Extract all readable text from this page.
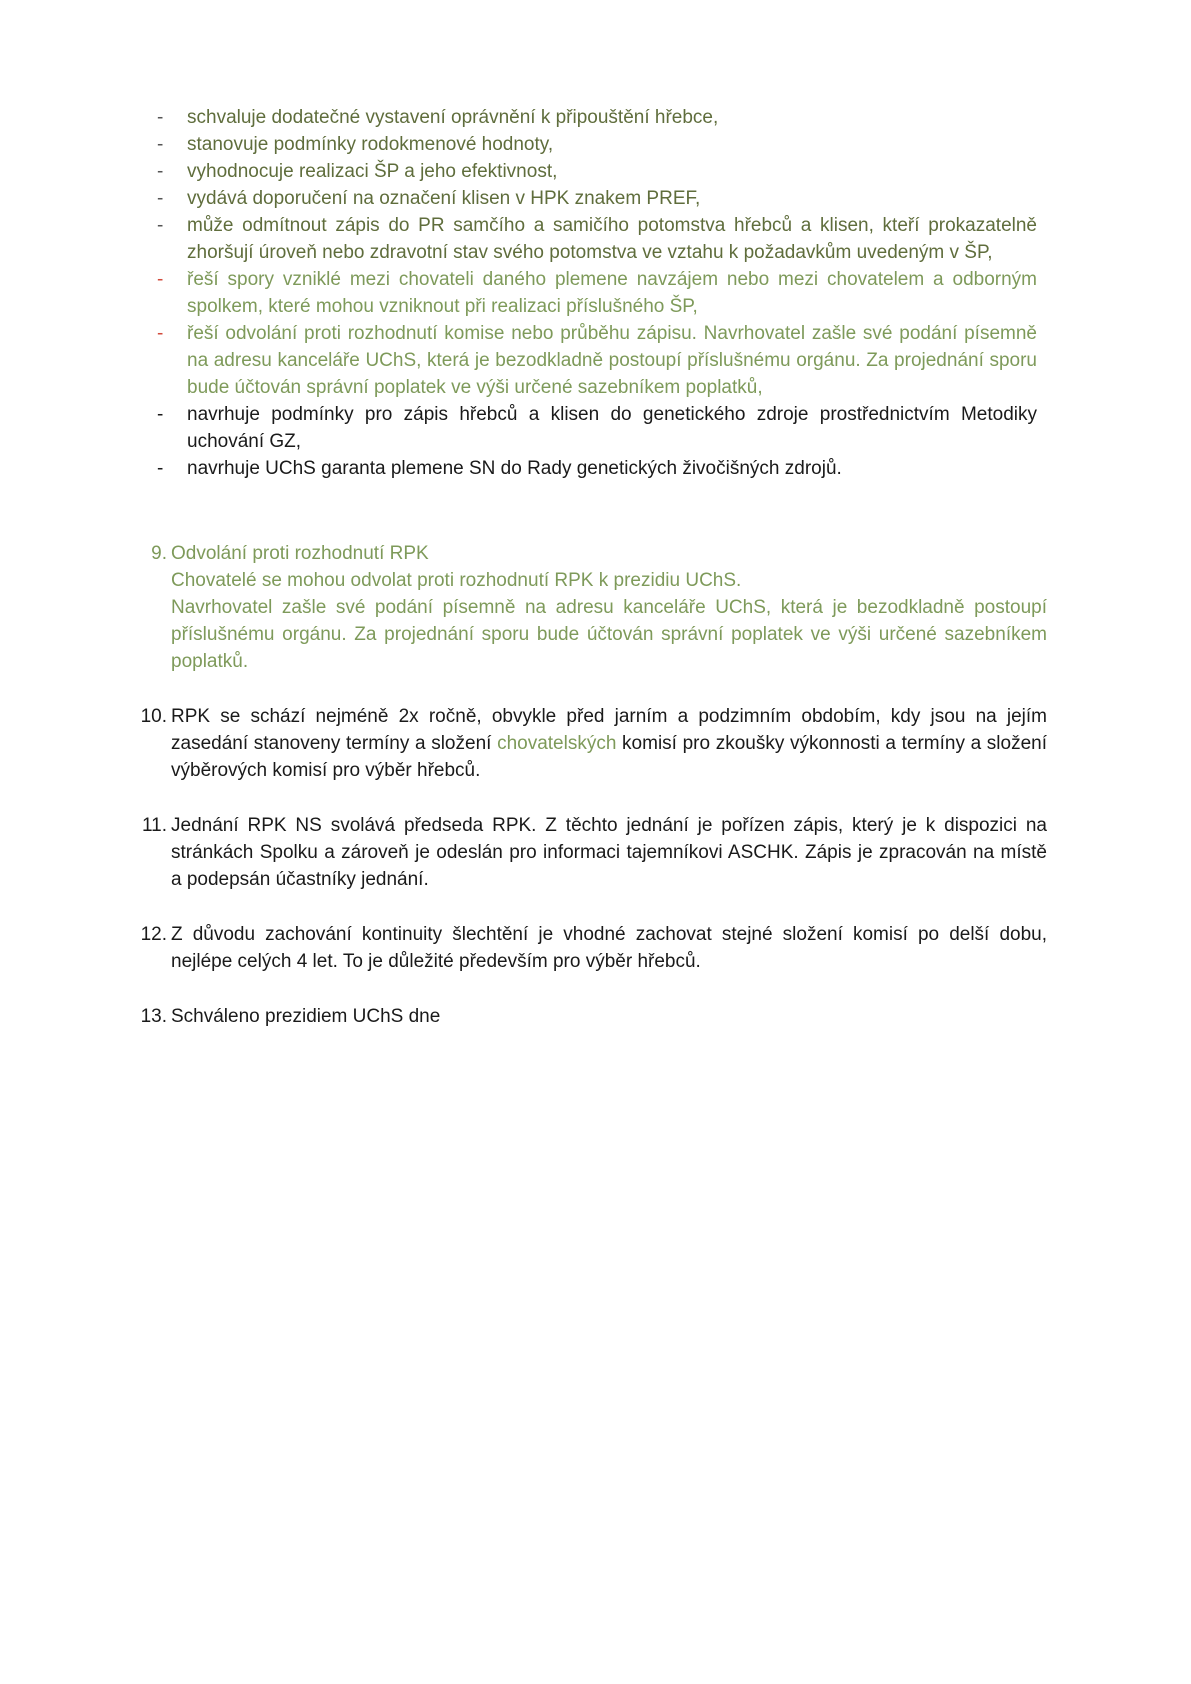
- schvaluje dodatečné vystavení oprávnění k připouštění hřebce,
- stanovuje podmínky rodokmenové hodnoty,
- vyhodnocuje realizaci ŠP a jeho efektivnost,
- vydává doporučení na označení klisen v HPK znakem PREF,
- může odmítnout zápis do PR samčího a samičího potomstva hřebců a klisen, kteří prokazatelně zhoršují úroveň nebo zdravotní stav svého potomstva ve vztahu k požadavkům uvedeným v ŠP,
- řeší spory vzniklé mezi chovateli daného plemene navzájem nebo mezi chovatelem a odborným spolkem, které mohou vzniknout při realizaci příslušného ŠP,
- řeší odvolání proti rozhodnutí komise nebo průběhu zápisu. Navrhovatel zašle své podání písemně na adresu kanceláře UChS, která je bezodkladně postoupí příslušnému orgánu. Za projednání sporu bude účtován správní poplatek ve výši určené sazebníkem poplatků,
- navrhuje podmínky pro zápis hřebců a klisen do genetického zdroje prostřednictvím Metodiky uchování GZ,
- navrhuje UChS garanta plemene SN do Rady genetických živočišných zdrojů.
9. Odvolání proti rozhodnutí RPK

Chovatelé se mohou odvolat proti rozhodnutí RPK k prezidiu UChS.

Navrhovatel zašle své podání písemně na adresu kanceláře UChS, která je bezodkladně postoupí příslušnému orgánu. Za projednání sporu bude účtován správní poplatek ve výši určené sazebníkem poplatků.

10. RPK se schází nejméně 2x ročně, obvykle před jarním a podzimním obdobím, kdy jsou na jejím zasedání stanoveny termíny a složení chovatelských komisí pro zkoušky výkonnosti a termíny a složení výběrových komisí pro výběr hřebců.

11. Jednání RPK NS svolává předseda RPK. Z těchto jednání je pořízen zápis, který je k dispozici na stránkách Spolku a zároveň je odeslán pro informaci tajemníkovi ASCHK. Zápis je zpracován na místě a podepsán účastníky jednání.

12. Z důvodu zachování kontinuity šlechtění je vhodné zachovat stejné složení komisí po delší dobu, nejlépe celých 4 let. To je důležité především pro výběr hřebců.

13. Schváleno prezidiem UChS dne
